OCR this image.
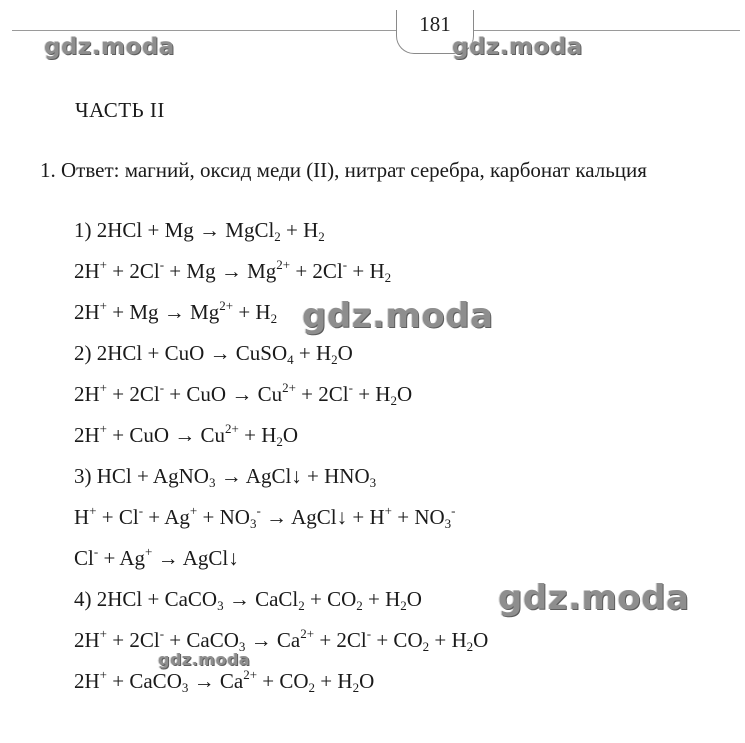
181
gdz.moda	gdz.moda
ЧАСТЬ II
1. Ответ: магний, оксид меди (II), нитрат серебра, карбонат кальция
1) 2HCl + Mg → MgCl$_2$ + $H_2$
$2H^+ + 2Cl^- + Mg \to Mg^{2+} + 2Cl^- + H_2$
$2H^+ + Mg \to Mg^{2+} + H_2$
2) 2HCl + CuO → CuSO$_4$ + $H_2O$
2H+ + 2Cl- + CuO → $Cu^{2+} + 2Cl^- + H_2O$
2H+ + CuO → $Cu^{2+} + H_2O$
3) HCl + AgNO$_3$ → AgCl↓ + $HNO_3$
$H^+ + Cl^- + Ag^+ + NO_3^-$ → AgCl↓ + $H^+ + NO_3^-$
Cl- + Ag+ → AgCl↓
4) 2HCl + CaCO$_3$ → CaCl$_2$ + $CO_2 + H_2O$
2H+ + 2Cl- + CaCO$_3$ → $Ca^{2+} + 2Cl^- + CO_2 + H_2O$
2H+ + CaCO$_3$ → $Ca^{2+} + CO_2 + H_2O$
gdz.moda
gdz.moda
gdz.moda
